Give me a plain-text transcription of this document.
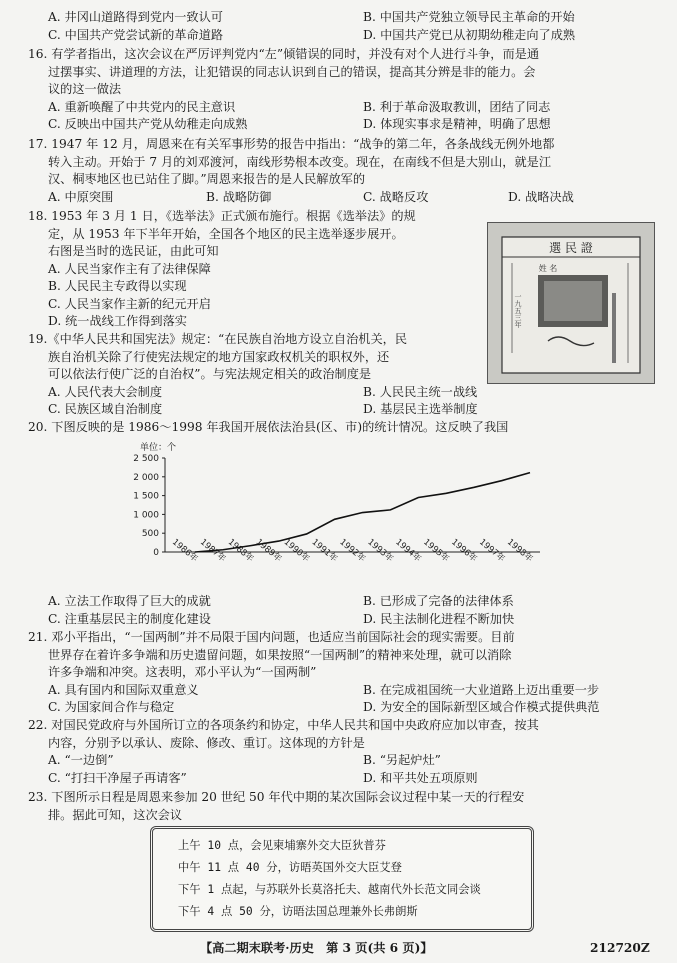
A. 井冈山道路得到党内一致认可	B. 中国共产党独立领导民主革命的开始
C. 中国共产党尝试新的革命道路	D. 中国共产党已从初期幼稚走向了成熟
16. 有学者指出，这次会议在严厉评判党内“左”倾错误的同时，并没有对个人进行斗争，而是通
过摆事实、讲道理的方法，让犯错误的同志认识到自己的错误，提高其分辨是非的能力。会
议的这一做法
A. 重新唤醒了中共党内的民主意识	B. 利于革命汲取教训，团结了同志
C. 反映出中国共产党从幼稚走向成熟	D. 体现实事求是精神，明确了思想
17. 1947 年 12 月，周恩来在有关军事形势的报告中指出：“战争的第二年，各条战线无例外地都
转入主动。开始于 7 月的刘邓渡河，南线形势根本改变。现在，在南线不但是大别山，就是江
汉、桐枣地区也已站住了脚。”周恩来报告的是人民解放军的
A. 中原突围	B. 战略防御	C. 战略反攻	D. 战略决战
18. 1953 年 3 月 1 日，《选举法》正式颁布施行。根据《选举法》的规
定，从 1953 年下半年开始，全国各个地区的民主选举逐步展开。
右图是当时的选民证，由此可知
A. 人民当家作主有了法律保障
B. 人民民主专政得以实现
C. 人民当家作主新的纪元开启
D. 统一战线工作得到落实
選 民 證
姓 名
一九五三年
19.《中华人民共和国宪法》规定：“在民族自治地方设立自治机关，民
族自治机关除了行使宪法规定的地方国家政权机关的职权外，还
可以依法行使广泛的自治权”。与宪法规定相关的政治制度是
A. 人民代表大会制度	B. 人民民主统一战线
C. 民族区域自治制度	D. 基层民主选举制度
20. 下图反映的是 1986～1998 年我国开展依法治县(区、市)的统计情况。这反映了我国
单位：个
0
500
1 000
1 500
2 000
2 500
1986年
1987年
1988年
1989年
1990年
1991年
1992年
1993年
1994年
1995年
1996年
1997年
1998年
A. 立法工作取得了巨大的成就	B. 已形成了完备的法律体系
C. 注重基层民主的制度化建设	D. 民主法制化进程不断加快
21. 邓小平指出，“一国两制”并不局限于国内问题，也适应当前国际社会的现实需要。目前
世界存在着许多争端和历史遗留问题，如果按照“一国两制”的精神来处理，就可以消除
许多争端和冲突。这表明，邓小平认为“一国两制”
A. 具有国内和国际双重意义	B. 在完成祖国统一大业道路上迈出重要一步
C. 为国家间合作与稳定	D. 为安全的国际新型区域合作模式提供典范
22. 对国民党政府与外国所订立的各项条约和协定，中华人民共和国中央政府应加以审查，按其
内容，分别予以承认、废除、修改、重订。这体现的方针是
A. “一边倒”	B. “另起炉灶”
C. “打扫干净屋子再请客”	D. 和平共处五项原则
23. 下图所示日程是周恩来参加 20 世纪 50 年代中期的某次国际会议过程中某一天的行程安
排。据此可知，这次会议
上午 10 点，会见柬埔寨外交大臣狄普芬
中午 11 点 40 分，访晤英国外交大臣艾登
下午 1 点起，与苏联外长莫洛托夫、越南代外长范文同会谈
下午 4 点 50 分，访晤法国总理兼外长弗朗斯
【高二期末联考·历史　第 3 页(共 6 页)】	212720Z
